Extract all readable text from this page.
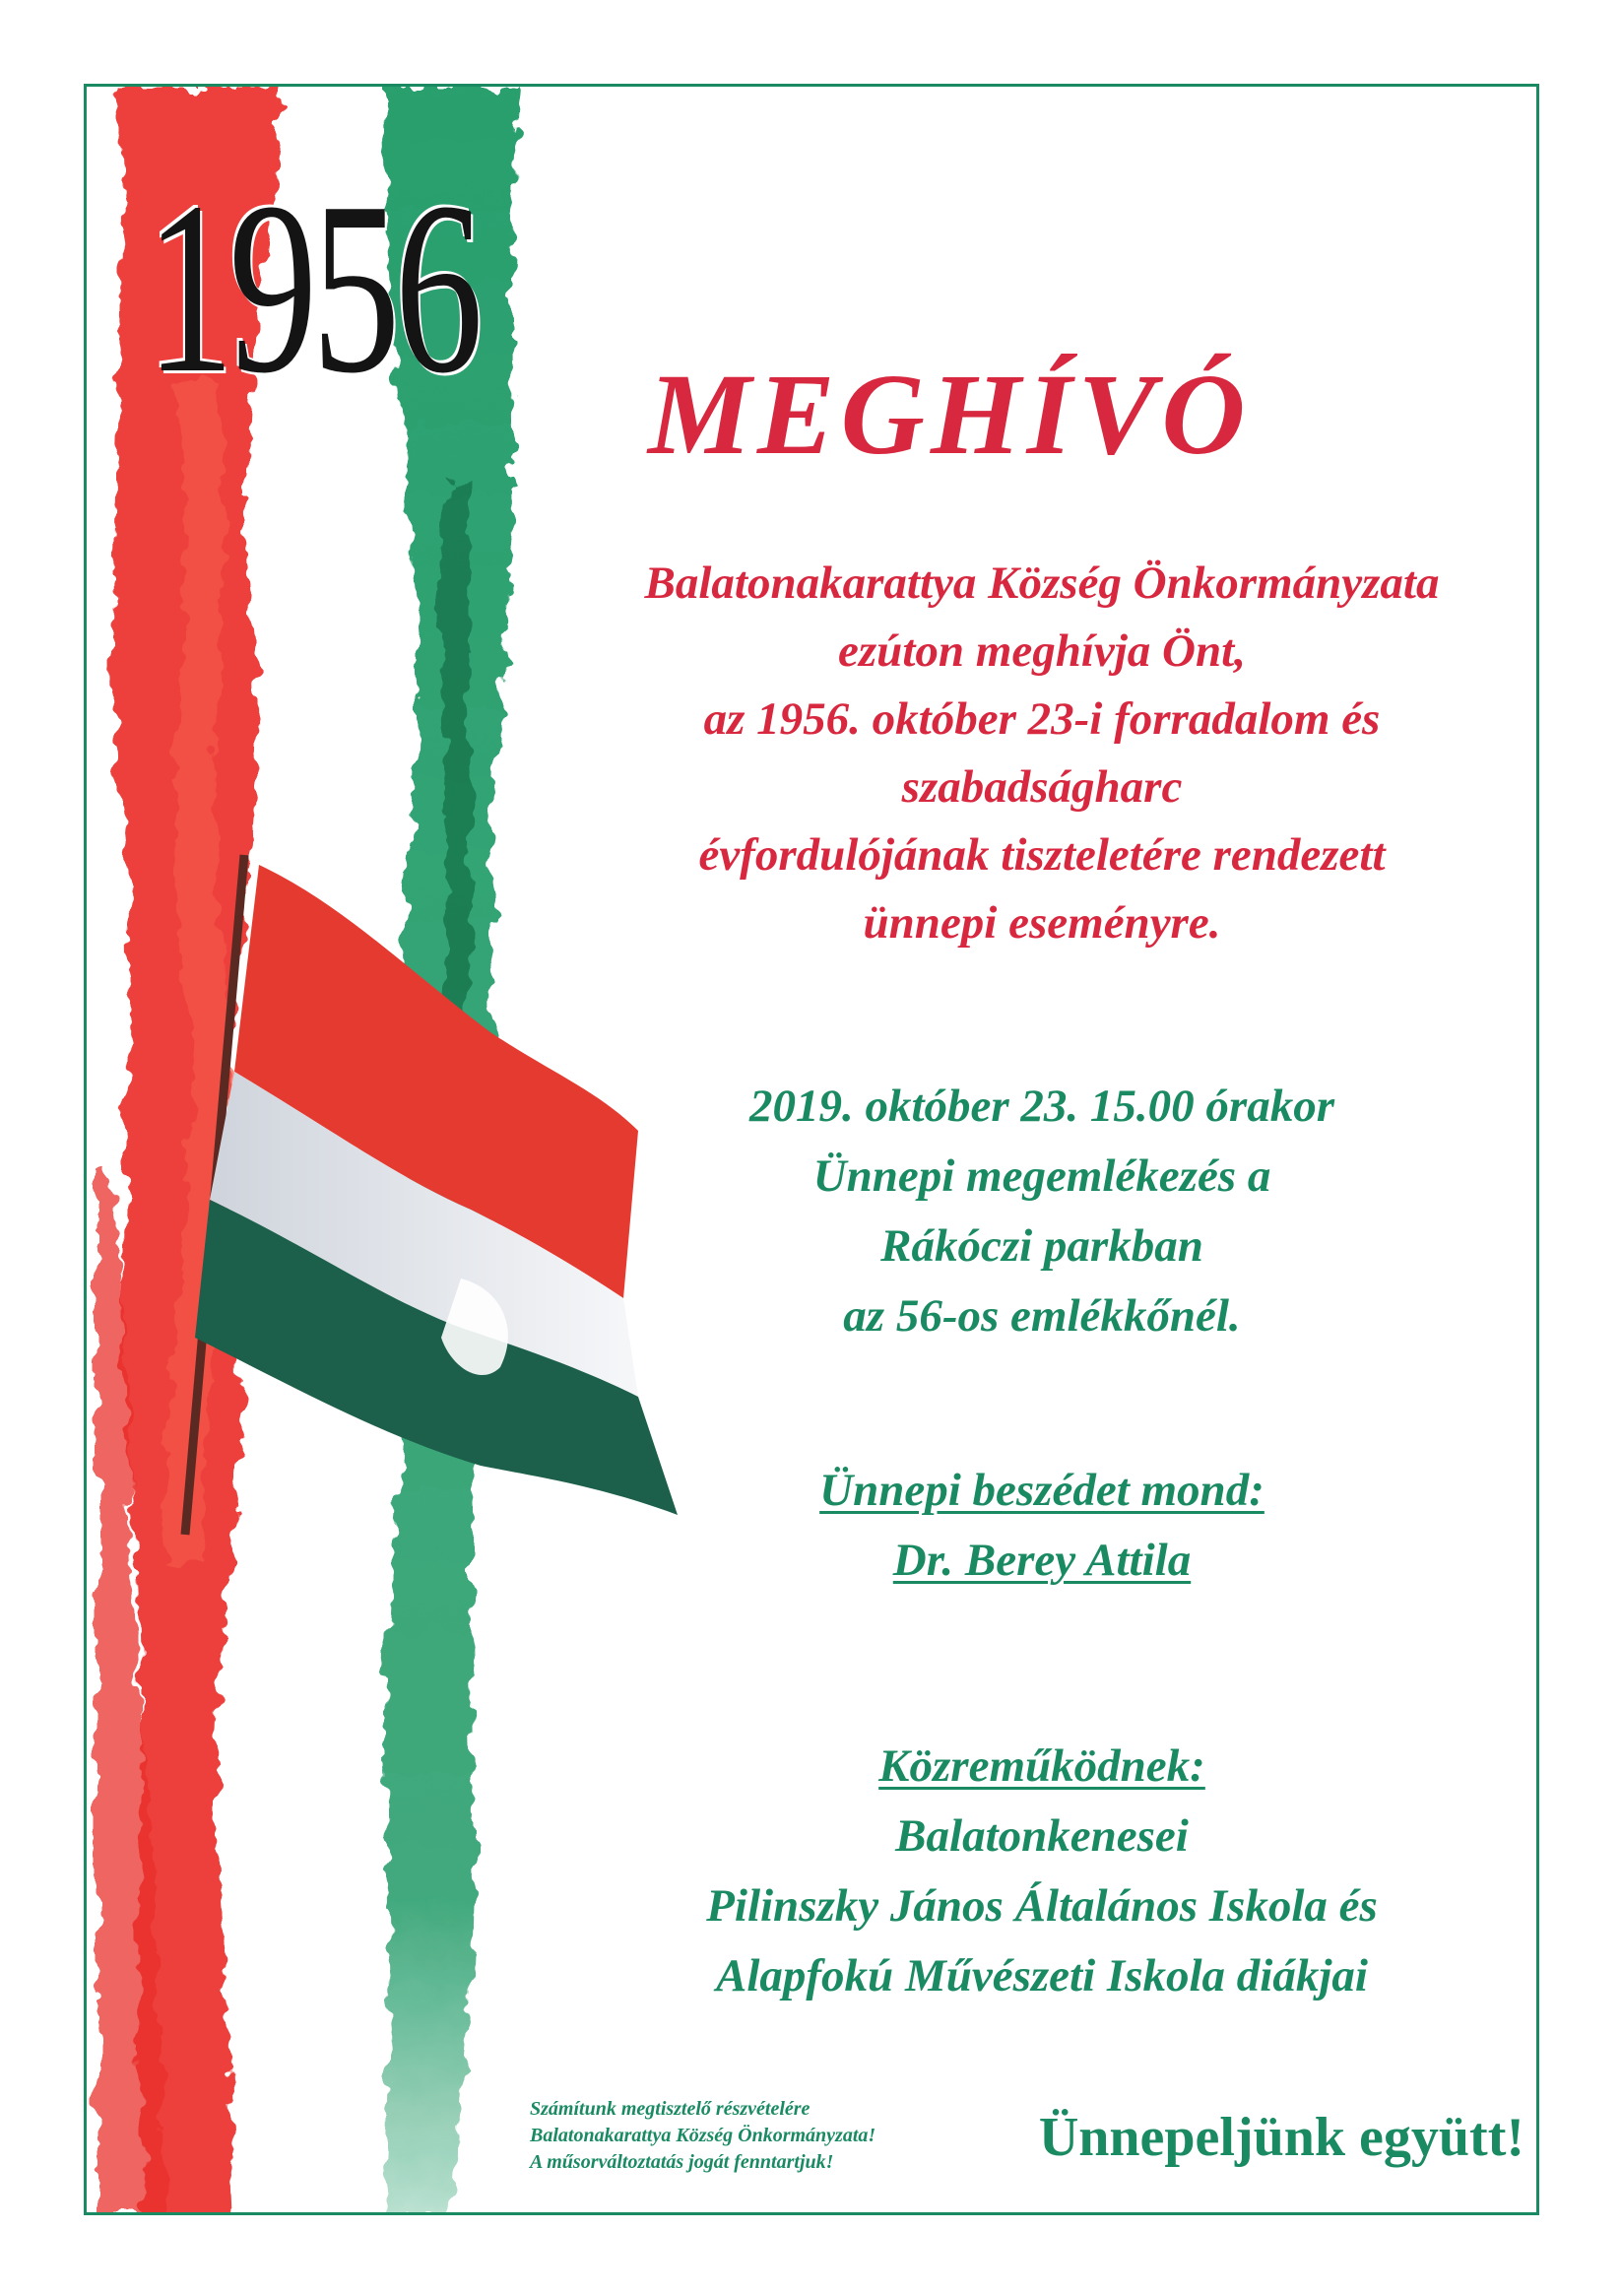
1956	MEGHÍVÓ
Balatonakarattya Község Önkormányzata
ezúton meghívja Önt,
az 1956. október 23-i forradalom és
szabadságharc
évfordulójának tiszteletére rendezett
ünnepi eseményre.
2019. október 23. 15.00 órakor
Ünnepi megemlékezés a
Rákóczi parkban
az 56-os emlékkőnél.
Ünnepi beszédet mond:
Dr. Berey Attila
Közreműködnek:
Balatonkenesei
Pilinszky János Általános Iskola és
Alapfokú Művészeti Iskola diákjai
Számítunk megtisztelő részvételére
Balatonakarattya Község Önkormányzata!
A műsorváltoztatás jogát fenntartjuk!	Ünnepeljünk együtt!
